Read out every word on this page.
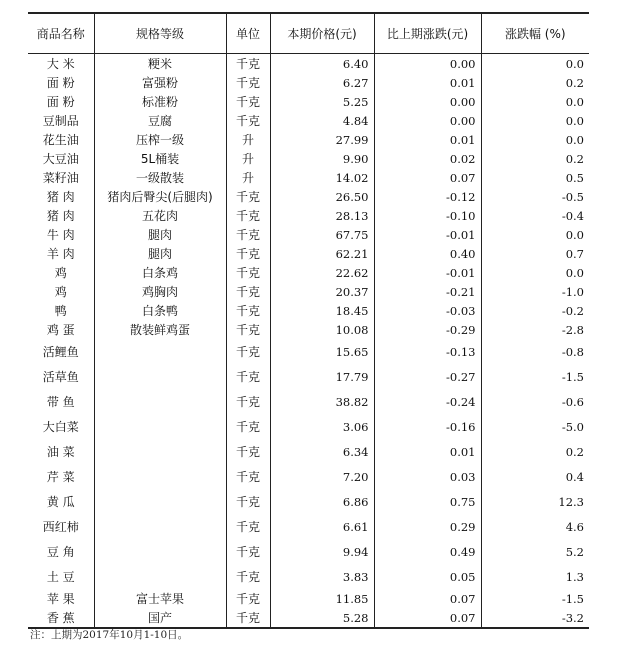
商品名称	规格等级	单位	本期价格(元)	比上期涨跌(元)	涨跌幅 (%)
大 米	粳米	千克	6.40	0.00	0.0
面 粉	富强粉	千克	6.27	0.01	0.2
面 粉	标准粉	千克	5.25	0.00	0.0
豆制品	豆腐	千克	4.84	0.00	0.0
花生油	压榨一级	升	27.99	0.01	0.0
大豆油	5L桶装	升	9.90	0.02	0.2
菜籽油	一级散装	升	14.02	0.07	0.5
猪 肉	猪肉后臀尖(后腿肉)	千克	26.50	-0.12	-0.5
猪 肉	五花肉	千克	28.13	-0.10	-0.4
牛 肉	腿肉	千克	67.75	-0.01	0.0
羊 肉	腿肉	千克	62.21	0.40	0.7
鸡	白条鸡	千克	22.62	-0.01	0.0
鸡	鸡胸肉	千克	20.37	-0.21	-1.0
鸭	白条鸭	千克	18.45	-0.03	-0.2
鸡 蛋	散装鲜鸡蛋	千克	10.08	-0.29	-2.8
活鲤鱼		千克	15.65	-0.13	-0.8
活草鱼		千克	17.79	-0.27	-1.5
带 鱼		千克	38.82	-0.24	-0.6
大白菜		千克	3.06	-0.16	-5.0
油 菜		千克	6.34	0.01	0.2
芹 菜		千克	7.20	0.03	0.4
黄 瓜		千克	6.86	0.75	12.3
西红柿		千克	6.61	0.29	4.6
豆 角		千克	9.94	0.49	5.2
土 豆		千克	3.83	0.05	1.3
苹 果	富士苹果	千克	11.85	0.07	-1.5
香 蕉	国产	千克	5.28	0.07	-3.2
注：上期为2017年10月1-10日。
